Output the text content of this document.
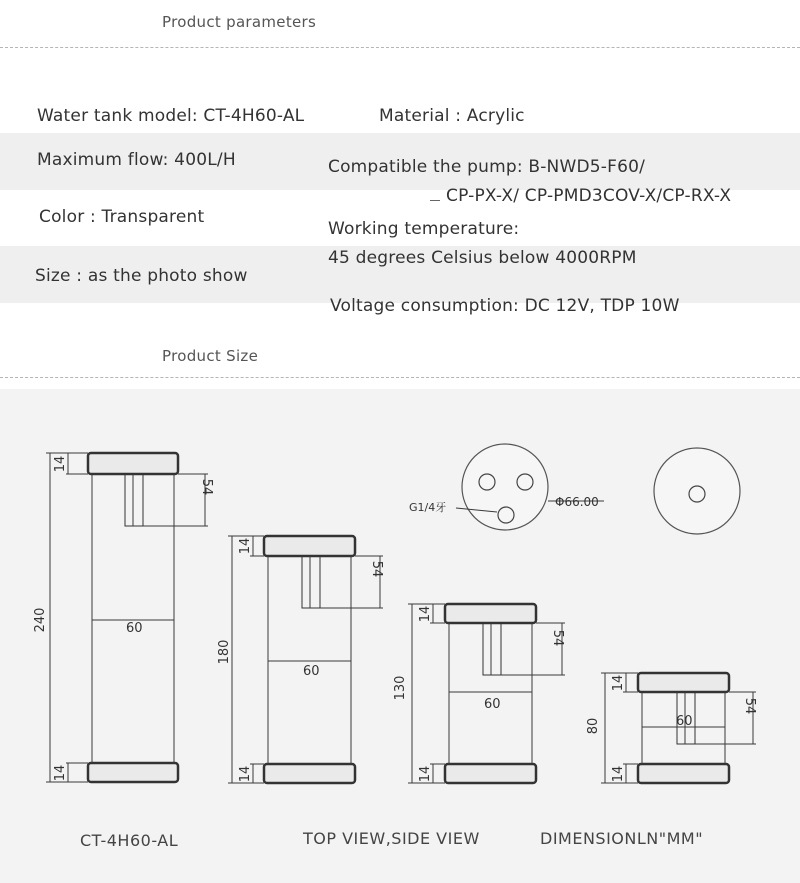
Product parameters
Water tank model: CT-4H60-AL	Material : Acrylic
Maximum flow: 400L/H	Compatible the pump: B-NWD5-F60/
CP-PX-X/ CP-PMD3COV-X/CP-RX-X
Color : Transparent
Working temperature:
45 degrees Celsius below 4000RPM
Size : as the photo show
Voltage consumption: DC 12V, TDP 10W
Product Size
60
240
14
14
54
60
180
14
14
54
60
130
14
14
54
60
80
14
14
54
G1/4牙	Φ66.00
CT-4H60-AL	TOP VIEW,SIDE VIEW	DIMENSIONLN"MM"
